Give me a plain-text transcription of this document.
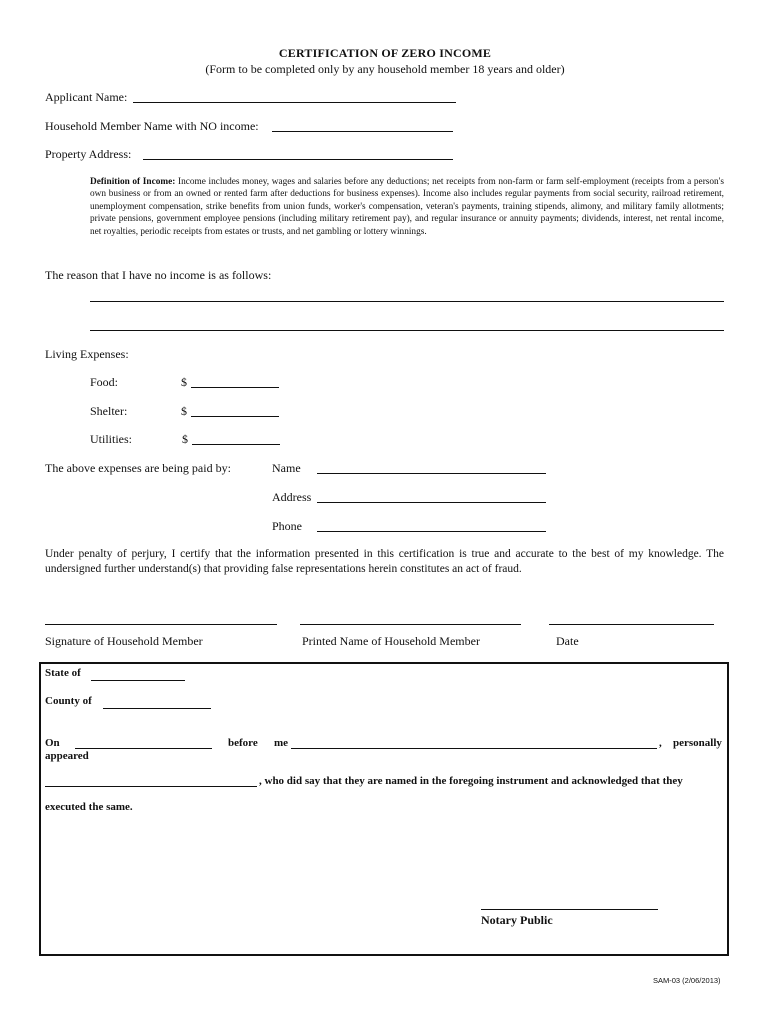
CERTIFICATION OF ZERO INCOME
(Form to be completed only by any household member 18 years and older)
Applicant Name:
Household Member Name with NO income:
Property Address:
Definition of Income: Income includes money, wages and salaries before any deductions; net receipts from non-farm or farm self-employment (receipts from a person's own business or from an owned or rented farm after deductions for business expenses). Income also includes regular payments from social security, railroad retirement, unemployment compensation, strike benefits from union funds, worker's compensation, veteran's payments, training stipends, alimony, and military family allotments; private pensions, government employee pensions (including military retirement pay), and regular insurance or annuity payments; dividends, interest, net rental income, net royalties, periodic receipts from estates or trusts, and net gambling or lottery winnings.
The reason that I have no income is as follows:
Living Expenses:
Food:	$
Shelter:	$
Utilities:	$
The above expenses are being paid by:	Name
Address
Phone
Under penalty of perjury, I certify that the information presented in this certification is true and accurate to the best of my knowledge. The undersigned further understand(s) that providing false representations herein constitutes an act of fraud.
Signature of Household Member	Printed Name of Household Member	Date
State of
County of
On	before me	, personally
appeared
, who did say that they are named in the foregoing instrument and acknowledged that they
executed the same.
Notary Public
SAM-03 (2/06/2013)
